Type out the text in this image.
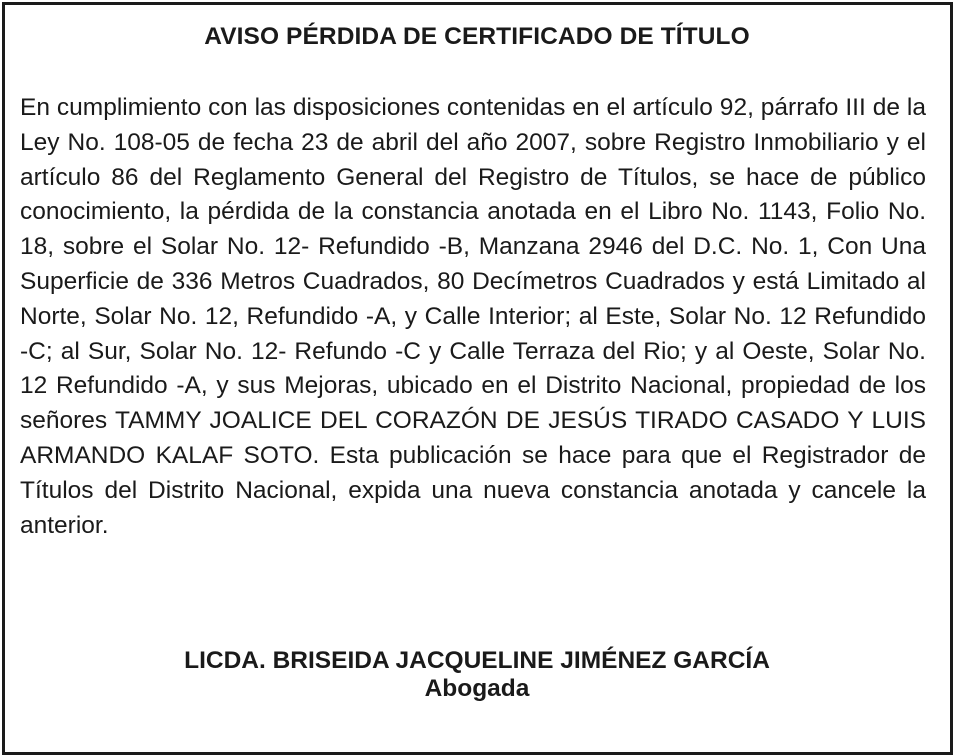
AVISO PÉRDIDA DE CERTIFICADO DE TÍTULO
En cumplimiento con las disposiciones contenidas en el artículo 92, párrafo III de la Ley No. 108-05 de fecha 23 de abril del año 2007, sobre Registro Inmobiliario y el artículo 86 del Reglamento General del Registro de Títulos, se hace de público conocimiento, la pérdida de la constancia anotada en el Libro No. 1143, Folio No. 18, sobre el Solar No. 12- Refundido -B, Manzana 2946 del D.C. No. 1, Con Una Superficie de 336 Metros Cuadrados, 80 Decímetros Cuadrados y está Limitado al Norte, Solar No. 12, Refundido -A, y Calle Interior; al Este, Solar No. 12 Refundido -C; al Sur, Solar No. 12- Refundo -C y Calle Terraza del Rio; y al Oeste, Solar No. 12 Refundido -A, y sus Mejoras, ubicado en el Distrito Nacional, propiedad de los señores TAMMY JOALICE DEL CORAZÓN DE JESÚS TIRADO CASADO Y LUIS ARMANDO KALAF SOTO. Esta publicación se hace para que el Registrador de Títulos del Distrito Nacional, expida una nueva constancia anotada y cancele la anterior.
LICDA. BRISEIDA JACQUELINE JIMÉNEZ GARCÍA
Abogada
